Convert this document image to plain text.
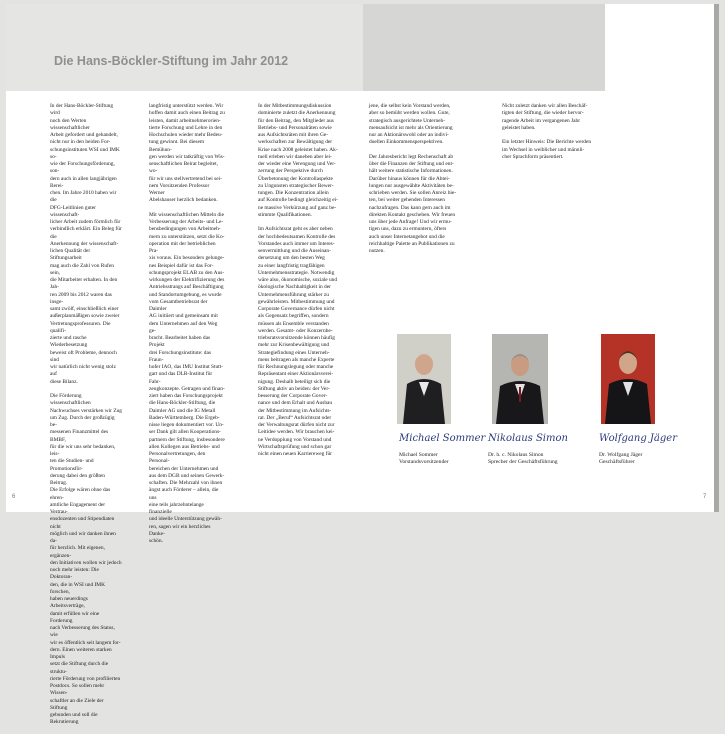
Die Hans-Böckler-Stiftung im Jahr 2012

In der Hans-Böckler-Stiftung wird
noch den Werten wissenschaftlicher
Arbeit gefordert und gehandelt,
nicht nur in den beiden For-
schungsinstituten WSI und IMK so-
wie der Forschungsförderung, son-
dern auch in allen langjährigen Berei-
chen. Im Jahre 2010 haben wir die
DFG-Leitlinien guter wissenschaft-
licher Arbeit zudem förmlich für
verbindlich erklärt. Ein Beleg für die
Anerkennung der wissenschaft-
lichen Qualität der Stiftungsarbeit
mag auch die Zahl von Rufen sein,
die Mitarbeiter erhalten. In den Jah-
ren 2009 bis 2012 waren das insge-
samt zwölf, einschließlich einer
außerplanmäßigen sowie zweier
Vertretungsprofessuren. Die qualifi-
zierte und rasche Wiederbesetzung
beweist oft Probleme, dennoch sind
wir natürlich nicht wenig stolz auf
diese Bilanz.

Die Förderung wissenschaftlichen
Nachwuchses verstärken wir Zug
um Zug. Durch der großzügig be-
messenen Finanzmittel des BMBF,
für die wir uns sehr bedanken, leis-
ten die Studien- und Promotionsför-
derung dabei den größten Beitrag.
Die Erfolge wären ohne das ehren-
amtliche Engagement der Vertrau-
ensdozenten und Stipendiaten nicht
möglich und wir danken ihnen da-
für herzlich. Mit eigenen, ergänzen-
den Initiativen wollen wir jedoch
noch mehr leisten: Die Doktoran-
den, die in WSI und IMK forschen,
haben neuerdings Arbeitsverträge,
damit erfüllen wir eine Forderung
nach Verbesserung des Status, wie
wir es öffentlich seit langem for-
dern. Einen weiteren starken Impuls
setzt die Stiftung durch die struktu-
rierte Förderung von profilierten
Postdocs. So sollen mehr Wissen-
schaftler an die Ziele der Stiftung
gebunden und soll die Rekrutierung

langfristig unterstützt werden. Wir
hoffen damit auch einen Beitrag zu
leisten, damit arbeitnehmerorien-
tierte Forschung und Lehre in den
Hochschulen wieder mehr Bedeu-
tung gewinnt. Bei diesem Bemühun-
gen werden wir tatkräftig von Wis-
senschaftlichen Beirat begleitet, wo-
für wir uns stellvertretend bei sei-
nem Vorsitzenden Professor Werner
Abelshauser herzlich bedanken.

Mit wissenschaftlichen Mitteln die
Verbesserung der Arbeits- und Le-
bensbedingungen von Arbeitneh-
mern zu unterstützen, setzt die Ko-
operation mit der betrieblichen Pra-
xis voraus. Ein besonders gelunge-
nes Beispiel dafür ist das For-
schungsprojekt ELAB zu den Aus-
wirkungen der Elektrifizierung des
Antriebsstrangs auf Beschäftigung
und Standortumgebung, es wurde
vom Gesamtbetriebsrat der Daimler
AG initiiert und gemeinsam mit
dem Unternehmen auf den Weg ge-
bracht. Bearbeitet haben das Projekt
drei Forschungsinstitute: das Fraun-
hofer IAO, das IMU Institut Stutt-
gart und das DLR-Institut für Fahr-
zeugkonzepte. Getragen und finan-
ziert haben das Forschungsprojekt
die Hans-Böckler-Stiftung, die
Daimler AG und die IG Metall
Baden-Württemberg. Die Ergeb-
nisse liegen dokumentiert vor. Un-
ser Dank gilt allen Kooperations-
partnern der Stiftung, insbesondere
allen Kollegen aus Betriebs- und
Personalvertretungen, den Personal-
bereichen der Unternehmen und
aus dem DGB und seinen Gewerk-
schaften. Die Mehrzahl von ihnen
ängst auch Förderer – allein, die uns
eine teils jahrzehntelange finanzielle
und ideelle Unterstützung gewäh-
ren, sagen wir ein herzliches Danke-
schön.

In der Mitbestimmungsdiskussion
dominierte zuletzt die Anerkennung
für den Beitrag, den Mitglieder aus
Betriebs- und Personalräten sowie
aus Aufsichtsräten mit ihren Ge-
werkschaften zur Bewältigung der
Krise nach 2008 geleistet haben. Ak-
tuell erleben wir daneben aber lei-
der wieder eine Verengung und Ver-
zerrung der Perspektive durch
Überbetonung der Kontrollaspekte
zu Ungunsten strategischer Bewer-
tungen. Die Konzentration allein
auf Kontrolle bedingt gleichzeitig ei-
ne massive Verkürzung auf ganz be-
stimmte Qualifikationen.

Im Aufsichtsrat geht es aber neben
der hochbedeutsamen Kontrolle des
Vorstandes auch immer um Interes-
senvermittlung und die Auseinan-
dersetzung um den besten Weg
zu einer langfristig tragfähigen
Unternehmensstrategie. Notwendig
wäre also, ökonomische, soziale und
ökologische Nachhaltigkeit in der
Unternehmensführung stärker zu
gewährleisten. Mitbestimmung und
Corporate Governance dürfen nicht
als Gegensatz begriffen, sondern
müssen als Ensemble verstanden
werden. Gesamt- oder Konzernbe-
triebsratsvorsitzende können häufig
mehr zur Krisenbewältigung und
Strategiefindung eines Unterneh-
mens beitragen als manche Experte
für Rechnungslegung oder manche
Repräsentant einer Aktionärsverei-
nigung. Deshalb beteiligt sich die
Stiftung aktiv an beiden: der Ver-
besserung der Corporate Gover-
nance und dem Erhalt und Ausbau
der Mitbestimmung im Aufsichts-
rat. Der „Beruf“ Aufsichtsrat oder
der Verwaltungsrat dürfen nicht zur
Leitidee werden. Wir brauchen kei-
ne Verdopplung von Vorstand und
Wirtschaftsprüfung und schon gar
nicht einen neuen Karriereweg für

6

jene, die selbst kein Vorstand werden,
aber so bemüht werden wollen. Gute,
strategisch ausgerichtete Unterneh-
mensaufsicht ist mehr als Orientierung
nur an Aktionärswohl oder an indivi-
duellen Einkommensperspektiven.

Der Jahresbericht legt Rechenschaft ab
über die Finanzen der Stiftung und ent-
hält weitere statistische Informationen.
Darüber hinaus können für die Abtei-
lungen nur ausgewählte Aktivitäten be-
schrieben werden. Sie sollen Anreiz bie-
ten, bei weiter gehenden Interessen
nachzufragen. Das kann gern auch im
direkten Kontakt geschehen. Wir freuen
uns über jede Anfrage! Und wir ermu-
tigen uns, dazu zu ermuntern, öfters
auch unser Internetangebot und die
reichhaltige Palette an Publikationen zu
nutzen.

Nicht zuletzt danken wir allen Beschäf-
tigten der Stiftung, die wieder hervor-
ragende Arbeit im vergangenen Jahr
geleistet haben.

Ein letzter Hinweis: Die Berichte werden
im Wechsel in weiblicher und männli-
cher Sprachform präsentiert.

Michael Sommer Nikolaus Simon	Wolfgang Jäger
Michael Sommer
Vorstandsvorsitzender
Dr. h. c. Nikolaus Simon
Sprecher der Geschäftsführung
Dr. Wolfgang Jäger
Geschäftsführer
7
